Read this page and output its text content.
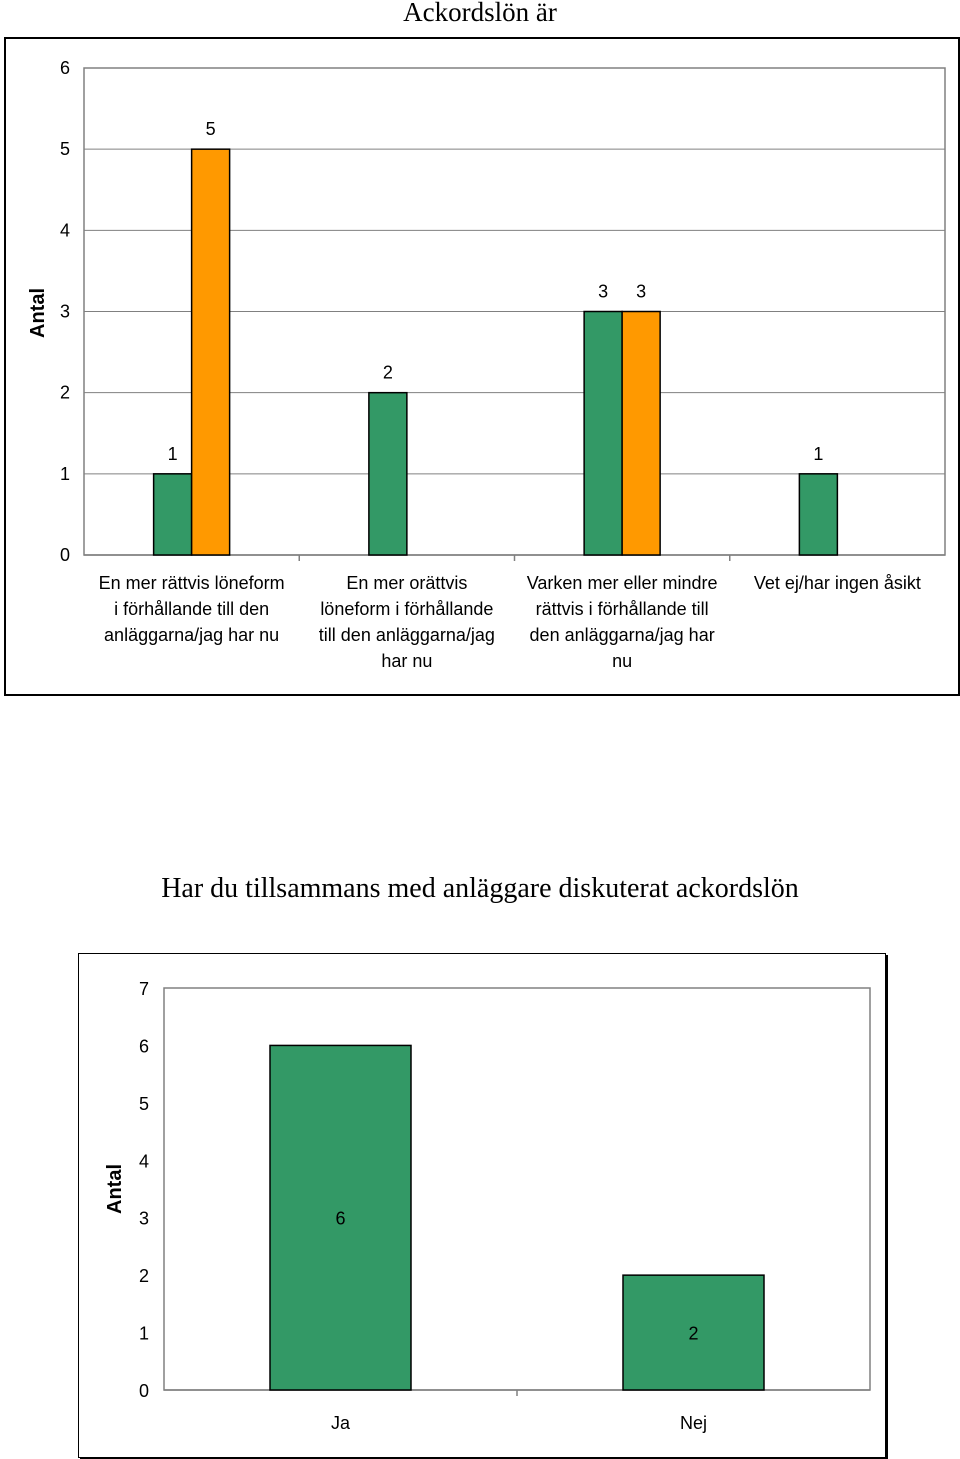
Ackordslön är
Har du tillsammans med anläggare diskuterat ackordslön
0
1
2
3
4
5
6
Antal
En mer rättvis löneform
i förhållande till den
anläggarna/jag har nu
1
5
En mer orättvis
löneform i förhållande
till den anläggarna/jag
har nu
2
Varken mer eller mindre
rättvis i förhållande till
den anläggarna/jag har
nu
3 3
Vet ej/har ingen åsikt
1
0
1
2
3
4
5
6
7
Antal
Ja
6
Nej
2
